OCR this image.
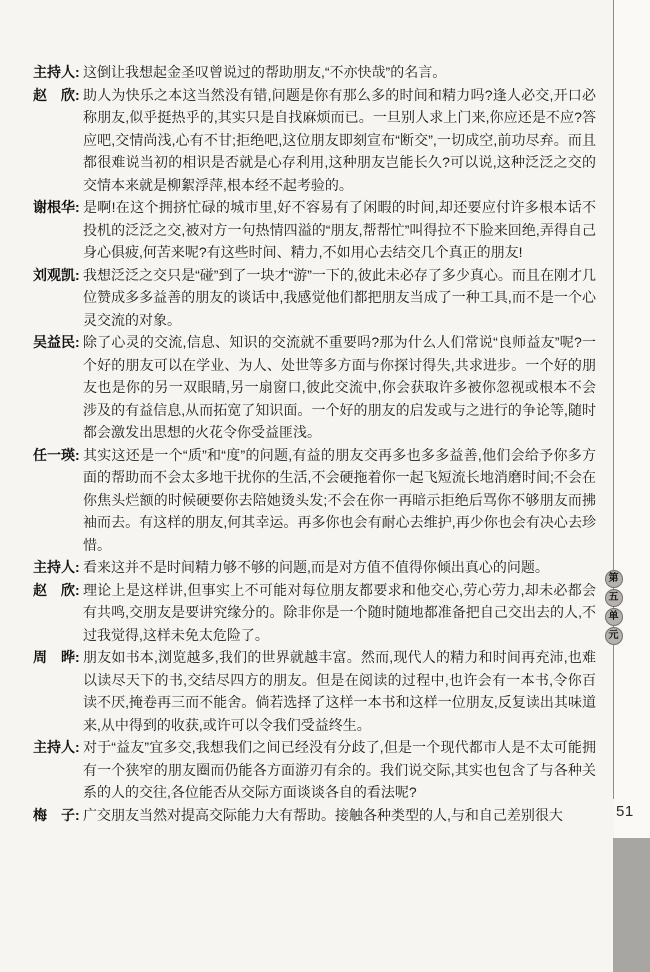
主持人: 这倒让我想起金圣叹曾说过的帮助朋友,“不亦快哉”的名言。
赵　欣: 助人为快乐之本这当然没有错,问题是你有那么多的时间和精力吗?逢人必交,开口必称朋友,似乎挺热乎的,其实只是自找麻烦而已。一旦别人求上门来,你应还是不应?答应吧,交情尚浅,心有不甘;拒绝吧,这位朋友即刻宣布“断交”,一切成空,前功尽弃。而且都很难说当初的相识是否就是心存利用,这种朋友岂能长久?可以说,这种泛泛之交的交情本来就是柳絮浮萍,根本经不起考验的。
谢根华: 是啊!在这个拥挤忙碌的城市里,好不容易有了闲暇的时间,却还要应付许多根本话不投机的泛泛之交,被对方一句热情四溢的“朋友,帮帮忙”叫得拉不下脸来回绝,弄得自己身心俱疲,何苦来呢?有这些时间、精力,不如用心去结交几个真正的朋友!
刘观凯: 我想泛泛之交只是“碰”到了一块才“游”一下的,彼此未必存了多少真心。而且在刚才几位赞成多多益善的朋友的谈话中,我感觉他们都把朋友当成了一种工具,而不是一个心灵交流的对象。
吴益民: 除了心灵的交流,信息、知识的交流就不重要吗?那为什么人们常说“良师益友”呢?一个好的朋友可以在学业、为人、处世等多方面与你探讨得失,共求进步。一个好的朋友也是你的另一双眼睛,另一扇窗口,彼此交流中,你会获取许多被你忽视或根本不会涉及的有益信息,从而拓宽了知识面。一个好的朋友的启发或与之进行的争论等,随时都会激发出思想的火花令你受益匪浅。
任一瑛: 其实这还是一个“质”和“度”的问题,有益的朋友交再多也多多益善,他们会给予你多方面的帮助而不会太多地干扰你的生活,不会硬拖着你一起飞短流长地消磨时间;不会在你焦头烂额的时候硬要你去陪她烫头发;不会在你一再暗示拒绝后骂你不够朋友而拂袖而去。有这样的朋友,何其幸运。再多你也会有耐心去维护,再少你也会有决心去珍惜。
主持人: 看来这并不是时间精力够不够的问题,而是对方值不值得你倾出真心的问题。
赵　欣: 理论上是这样讲,但事实上不可能对每位朋友都要求和他交心,劳心劳力,却未必都会有共鸣,交朋友是要讲究缘分的。除非你是一个随时随地都准备把自己交出去的人,不过我觉得,这样未免太危险了。
周　晔: 朋友如书本,浏览越多,我们的世界就越丰富。然而,现代人的精力和时间再充沛,也难以读尽天下的书,交结尽四方的朋友。但是在阅读的过程中,也许会有一本书,令你百读不厌,掩卷再三而不能舍。倘若选择了这样一本书和这样一位朋友,反复读出其味道来,从中得到的收获,或许可以令我们受益终生。
主持人: 对于“益友”宜多交,我想我们之间已经没有分歧了,但是一个现代都市人是不太可能拥有一个狭窄的朋友圈而仍能各方面游刃有余的。我们说交际,其实也包含了与各种关系的人的交往,各位能否从交际方面谈谈各自的看法呢?
梅　子: 广交朋友当然对提高交际能力大有帮助。接触各种类型的人,与和自己差别很大
第
五
单
元
51
